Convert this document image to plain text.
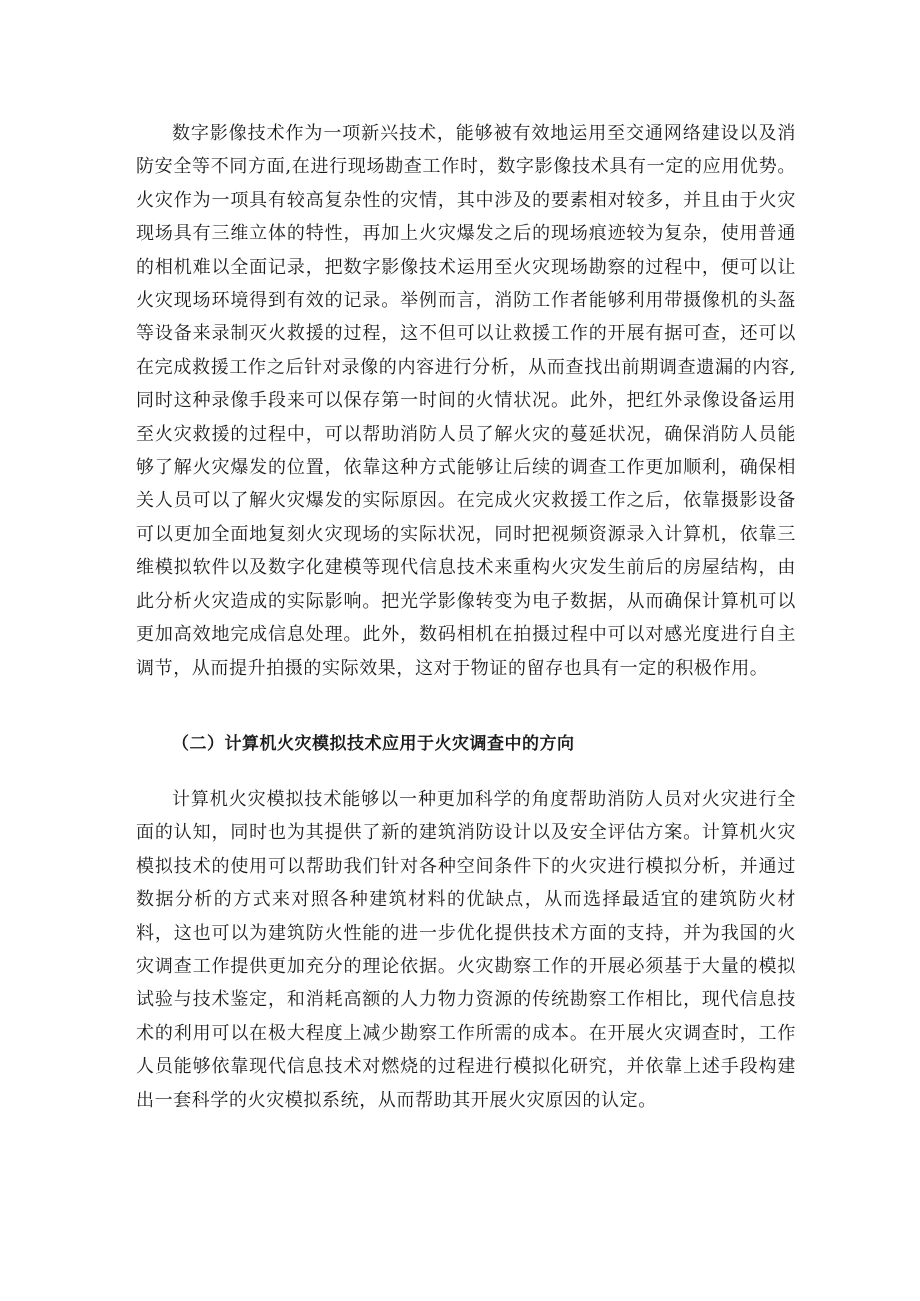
数字影像技术作为一项新兴技术，能够被有效地运用至交通网络建设以及消防安全等不同方面,在进行现场勘查工作时，数字影像技术具有一定的应用优势。火灾作为一项具有较高复杂性的灾情，其中涉及的要素相对较多，并且由于火灾现场具有三维立体的特性，再加上火灾爆发之后的现场痕迹较为复杂，使用普通的相机难以全面记录，把数字影像技术运用至火灾现场勘察的过程中，便可以让火灾现场环境得到有效的记录。举例而言，消防工作者能够利用带摄像机的头盔等设备来录制灭火救援的过程，这不但可以让救援工作的开展有据可查，还可以在完成救援工作之后针对录像的内容进行分析，从而查找出前期调查遗漏的内容,同时这种录像手段来可以保存第一时间的火情状况。此外，把红外录像设备运用至火灾救援的过程中，可以帮助消防人员了解火灾的蔓延状况，确保消防人员能够了解火灾爆发的位置，依靠这种方式能够让后续的调查工作更加顺利，确保相关人员可以了解火灾爆发的实际原因。在完成火灾救援工作之后，依靠摄影设备可以更加全面地复刻火灾现场的实际状况，同时把视频资源录入计算机，依靠三维模拟软件以及数字化建模等现代信息技术来重构火灾发生前后的房屋结构，由此分析火灾造成的实际影响。把光学影像转变为电子数据，从而确保计算机可以更加高效地完成信息处理。此外，数码相机在拍摄过程中可以对感光度进行自主调节，从而提升拍摄的实际效果，这对于物证的留存也具有一定的积极作用。

（二）计算机火灾模拟技术应用于火灾调查中的方向

计算机火灾模拟技术能够以一种更加科学的角度帮助消防人员对火灾进行全面的认知，同时也为其提供了新的建筑消防设计以及安全评估方案。计算机火灾模拟技术的使用可以帮助我们针对各种空间条件下的火灾进行模拟分析，并通过数据分析的方式来对照各种建筑材料的优缺点，从而选择最适宜的建筑防火材料，这也可以为建筑防火性能的进一步优化提供技术方面的支持，并为我国的火灾调查工作提供更加充分的理论依据。火灾勘察工作的开展必须基于大量的模拟试验与技术鉴定，和消耗高额的人力物力资源的传统勘察工作相比，现代信息技术的利用可以在极大程度上减少勘察工作所需的成本。在开展火灾调查时，工作人员能够依靠现代信息技术对燃烧的过程进行模拟化研究，并依靠上述手段构建出一套科学的火灾模拟系统，从而帮助其开展火灾原因的认定。
